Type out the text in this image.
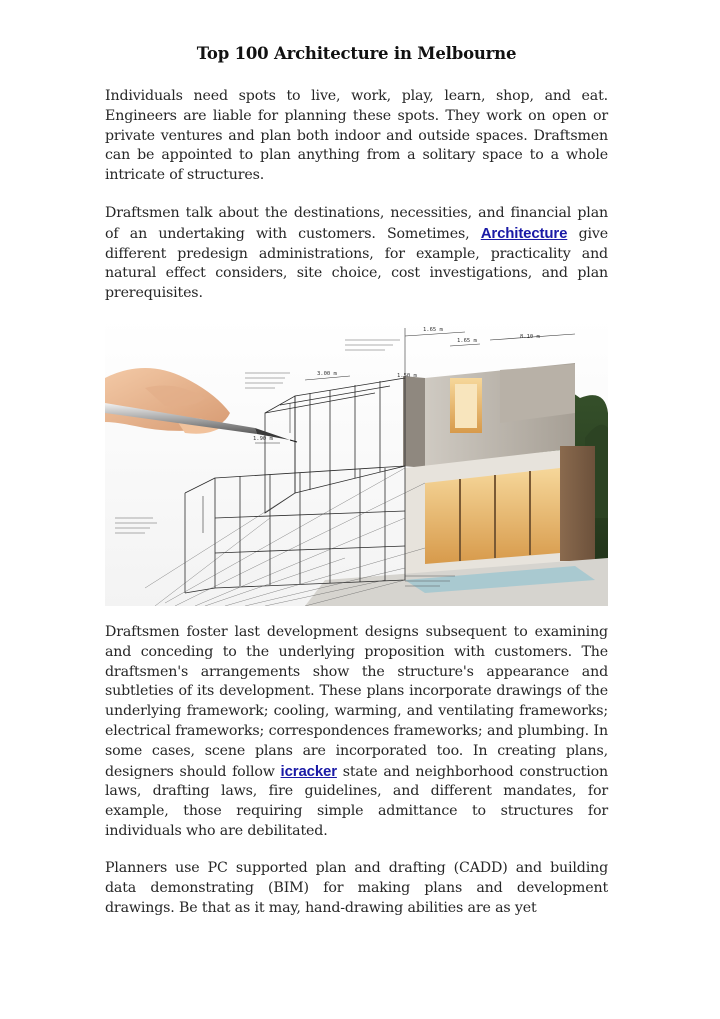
Top 100 Architecture in Melbourne

Individuals need spots to live, work, play, learn, shop, and eat. Engineers are liable for planning these spots. They work on open or private ventures and plan both indoor and outside spaces. Draftsmen can be appointed to plan anything from a solitary space to a whole intricate of structures.

Draftsmen talk about the destinations, necessities, and financial plan of an undertaking with customers. Sometimes, Architecture give different predesign administrations, for example, practicality and natural effect considers, site choice, cost investigations, and plan prerequisites.

1.65 m
1.65 m
8.10 m
3.00 m
1.90 m
1.50 m

Draftsmen foster last development designs subsequent to examining and conceding to the underlying proposition with customers. The draftsmen's arrangements show the structure's appearance and subtleties of its development. These plans incorporate drawings of the underlying framework; cooling, warming, and ventilating frameworks; electrical frameworks; correspondences frameworks; and plumbing. In some cases, scene plans are incorporated too. In creating plans, designers should follow icracker state and neighborhood construction laws, drafting laws, fire guidelines, and different mandates, for example, those requiring simple admittance to structures for individuals who are debilitated.

Planners use PC supported plan and drafting (CADD) and building data demonstrating (BIM) for making plans and development drawings. Be that as it may, hand-drawing abilities are as yet
